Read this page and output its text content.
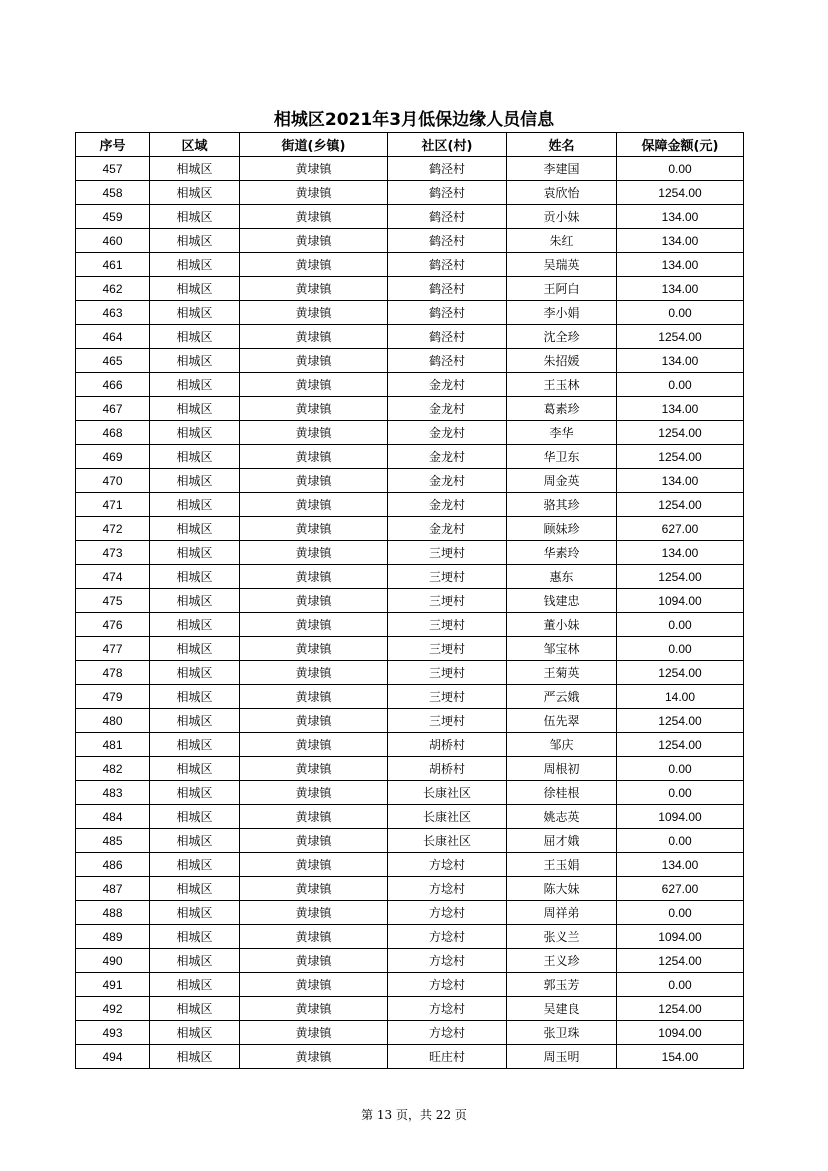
相城区2021年3月低保边缘人员信息
序号	区域	街道(乡镇)	社区(村)	姓名	保障金额(元)
457	相城区	黄埭镇	鹤泾村	李建国	0.00
458	相城区	黄埭镇	鹤泾村	袁欣怡	1254.00
459	相城区	黄埭镇	鹤泾村	贡小妹	134.00
460	相城区	黄埭镇	鹤泾村	朱红	134.00
461	相城区	黄埭镇	鹤泾村	吴瑞英	134.00
462	相城区	黄埭镇	鹤泾村	王阿白	134.00
463	相城区	黄埭镇	鹤泾村	李小娟	0.00
464	相城区	黄埭镇	鹤泾村	沈全珍	1254.00
465	相城区	黄埭镇	鹤泾村	朱招媛	134.00
466	相城区	黄埭镇	金龙村	王玉林	0.00
467	相城区	黄埭镇	金龙村	葛素珍	134.00
468	相城区	黄埭镇	金龙村	李华	1254.00
469	相城区	黄埭镇	金龙村	华卫东	1254.00
470	相城区	黄埭镇	金龙村	周金英	134.00
471	相城区	黄埭镇	金龙村	骆其珍	1254.00
472	相城区	黄埭镇	金龙村	顾妹珍	627.00
473	相城区	黄埭镇	三埂村	华素玲	134.00
474	相城区	黄埭镇	三埂村	惠东	1254.00
475	相城区	黄埭镇	三埂村	钱建忠	1094.00
476	相城区	黄埭镇	三埂村	董小妹	0.00
477	相城区	黄埭镇	三埂村	邹宝林	0.00
478	相城区	黄埭镇	三埂村	王菊英	1254.00
479	相城区	黄埭镇	三埂村	严云娥	14.00
480	相城区	黄埭镇	三埂村	伍先翠	1254.00
481	相城区	黄埭镇	胡桥村	邹庆	1254.00
482	相城区	黄埭镇	胡桥村	周根初	0.00
483	相城区	黄埭镇	长康社区	徐桂根	0.00
484	相城区	黄埭镇	长康社区	姚志英	1094.00
485	相城区	黄埭镇	长康社区	屈才娥	0.00
486	相城区	黄埭镇	方埝村	王玉娟	134.00
487	相城区	黄埭镇	方埝村	陈大妹	627.00
488	相城区	黄埭镇	方埝村	周祥弟	0.00
489	相城区	黄埭镇	方埝村	张义兰	1094.00
490	相城区	黄埭镇	方埝村	王义珍	1254.00
491	相城区	黄埭镇	方埝村	郭玉芳	0.00
492	相城区	黄埭镇	方埝村	吴建良	1254.00
493	相城区	黄埭镇	方埝村	张卫珠	1094.00
494	相城区	黄埭镇	旺庄村	周玉明	154.00
第 13 页，共 22 页
